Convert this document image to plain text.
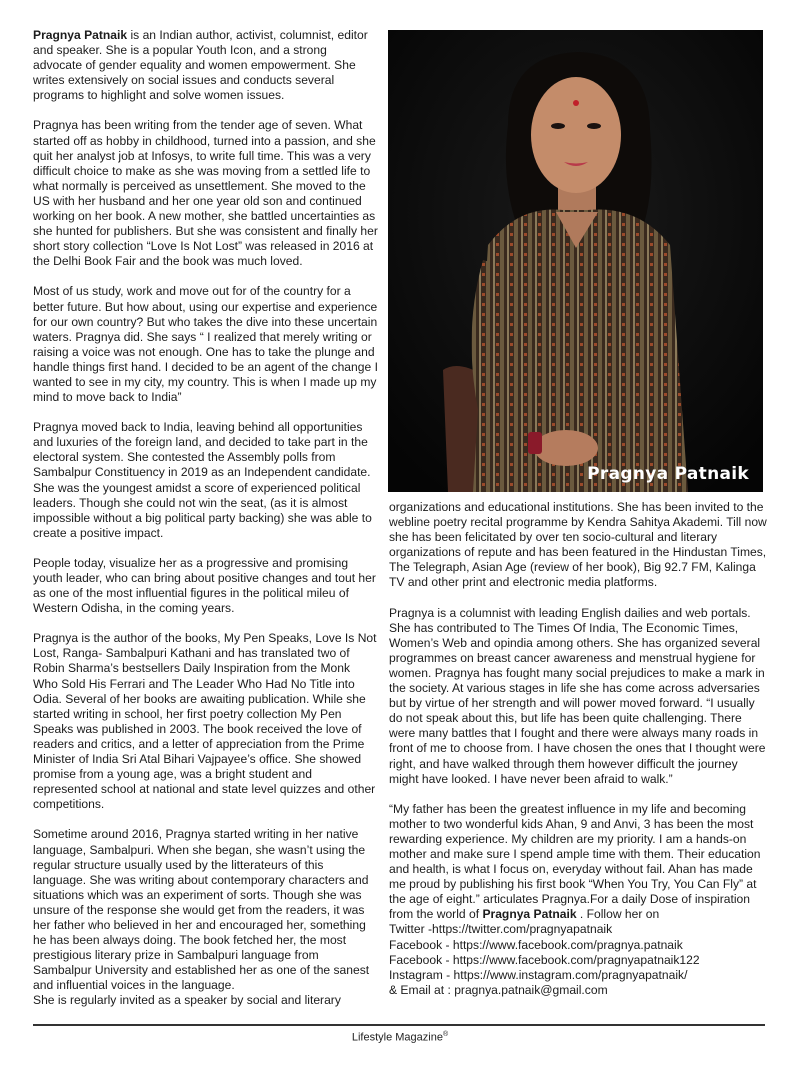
Pragnya Patnaik is an Indian author, activist, columnist, editor and speaker. She is a popular Youth Icon, and a strong advocate of gender equality and women empowerment. She writes extensively on social issues and conducts several programs to highlight and solve women issues.

Pragnya has been writing from the tender age of seven. What started off as hobby in childhood, turned into a passion, and she quit her analyst job at Infosys, to write full time. This was a very difficult choice to make as she was moving from a settled life to what normally is perceived as unsettlement. She moved to the US with her husband and her one year old son and continued working on her book. A new mother, she battled uncertainties as she hunted for publishers. But she was consistent and finally her short story collection “Love Is Not Lost” was released in 2016 at the Delhi Book Fair and the book was much loved.

Most of us study, work and move out for of the country for a better future. But how about, using our expertise and experience for our own country? But who takes the dive into these uncertain waters. Pragnya did. She says “ I realized that merely writing or raising a voice was not enough. One has to take the plunge and handle things first hand. I decided to be an agent of the change I wanted to see in my city, my country. This is when I made up my mind to move back to India”

Pragnya moved back to India, leaving behind all opportunities and luxuries of the foreign land, and decided to take part in the electoral system. She contested the Assembly polls from Sambalpur Constituency in 2019 as an Independent candidate. She was the youngest amidst a score of experienced political leaders. Though she could not win the seat, (as it is almost impossible without a big political party backing) she was able to create a positive impact.

People today, visualize her as a progressive and promising youth leader, who can bring about positive changes and tout her as one of the most influential figures in the political mileu of Western Odisha, in the coming years.

Pragnya is the author of the books, My Pen Speaks, Love Is Not Lost, Ranga- Sambalpuri Kathani and has translated two of Robin Sharma’s bestsellers Daily Inspiration from the Monk Who Sold His Ferrari and The Leader Who Had No Title into Odia. Several of her books are awaiting publication. While she started writing in school, her first poetry collection My Pen Speaks was published in 2003. The book received the love of readers and critics, and a letter of appreciation from the Prime Minister of India Sri Atal Bihari Vajpayee’s office. She showed promise from a young age, was a bright student and represented school at national and state level quizzes and other competitions.

Sometime around 2016, Pragnya started writing in her native language, Sambalpuri. When she began, she wasn’t using the regular structure usually used by the litterateurs of this language. She was writing about contemporary characters and situations which was an experiment of sorts. Though she was unsure of the response she would get from the readers, it was her father who believed in her and encouraged her, something he has been always doing. The book fetched her, the most prestigious literary prize in Sambalpuri language from Sambalpur University and established her as one of the sanest and influential voices in the language.

She is regularly invited as a speaker by social and literary

Pragnya Patnaik

organizations and educational institutions. She has been invited to the webline poetry recital programme by Kendra Sahitya Akademi. Till now she has been felicitated by over ten socio-cultural and literary organizations of repute and has been featured in the Hindustan Times, The Telegraph, Asian Age (review of her book), Big 92.7 FM, Kalinga TV and other print and electronic media platforms.

Pragnya is a columnist with leading English dailies and web portals. She has contributed to The Times Of India, The Economic Times, Women’s Web and opindia among others. She has organized several programmes on breast cancer awareness and menstrual hygiene for women. Pragnya has fought many social prejudices to make a mark in the society. At various stages in life she has come across adversaries but by virtue of her strength and will power moved forward. “I usually do not speak about this, but life has been quite challenging. There were many battles that I fought and there were always many roads in front of me to choose from. I have chosen the ones that I thought were right, and have walked through them however difficult the journey might have looked. I have never been afraid to walk.”

“My father has been the greatest influence in my life and becoming mother to two wonderful kids Ahan, 9 and Anvi, 3 has been the most rewarding experience. My children are my priority. I am a hands-on mother and make sure I spend ample time with them. Their education and health, is what I focus on, everyday without fail. Ahan has made me proud by publishing his first book “When You Try, You Can Fly” at the age of eight.” articulates Pragnya.For a daily Dose of inspiration from the world of Pragnya Patnaik . Follow her on

Twitter -https://twitter.com/pragnyapatnaik
Facebook - https://www.facebook.com/pragnya.patnaik
Facebook - https://www.facebook.com/pragnyapatnaik122
Instagram - https://www.instagram.com/pragnyapatnaik/
& Email at : pragnya.patnaik@gmail.com

Lifestyle Magazine®
